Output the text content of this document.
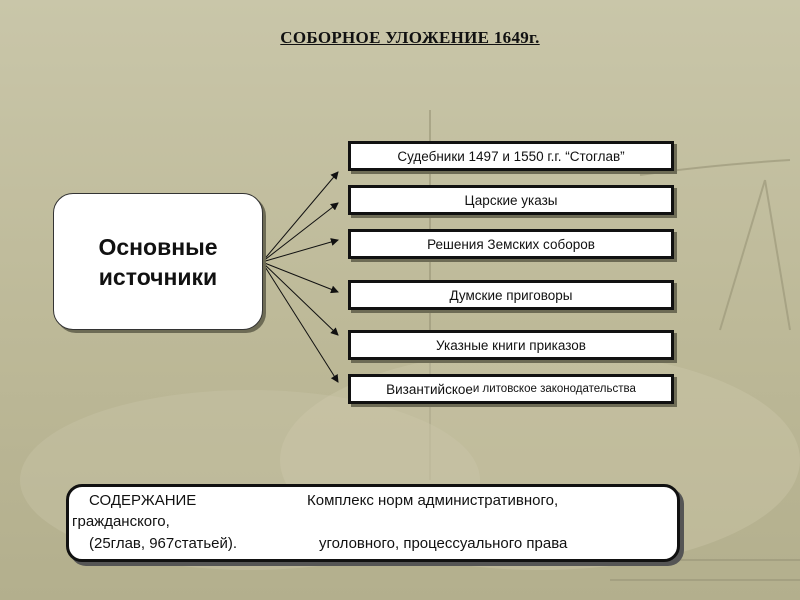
СОБОРНОЕ УЛОЖЕНИЕ 1649г.
Основные
источники
Судебники 1497 и 1550 г.г. “Стоглав”
Царские указы
Решения Земских соборов
Думские приговоры
Указные книги приказов
Византийское и литовское законодательства
СОДЕРЖАНИЕ	Комплекс норм административного,
гражданского,
(25глав, 967статьей).	уголовного, процессуального права
